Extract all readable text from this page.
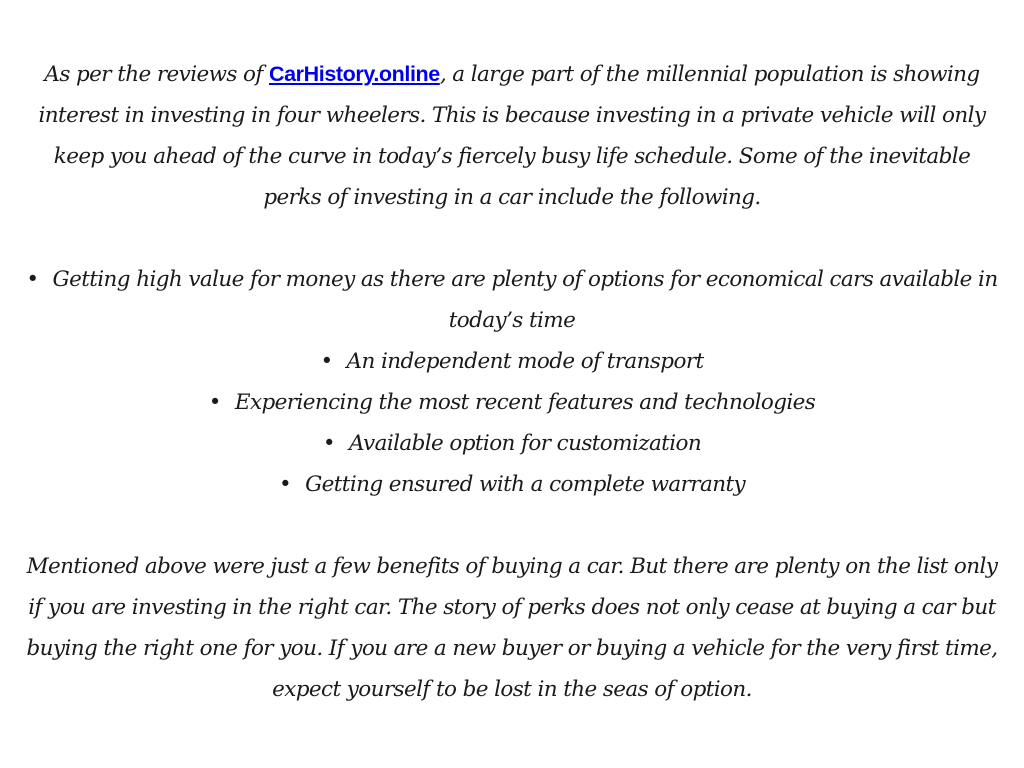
As per the reviews of CarHistory.online, a large part of the millennial population is showing interest in investing in four wheelers. This is because investing in a private vehicle will only keep you ahead of the curve in today’s fiercely busy life schedule. Some of the inevitable perks of investing in a car include the following.

• Getting high value for money as there are plenty of options for economical cars available in today’s time
• An independent mode of transport
• Experiencing the most recent features and technologies
• Available option for customization
• Getting ensured with a complete warranty

Mentioned above were just a few benefits of buying a car. But there are plenty on the list only if you are investing in the right car. The story of perks does not only cease at buying a car but buying the right one for you. If you are a new buyer or buying a vehicle for the very first time, expect yourself to be lost in the seas of option.
